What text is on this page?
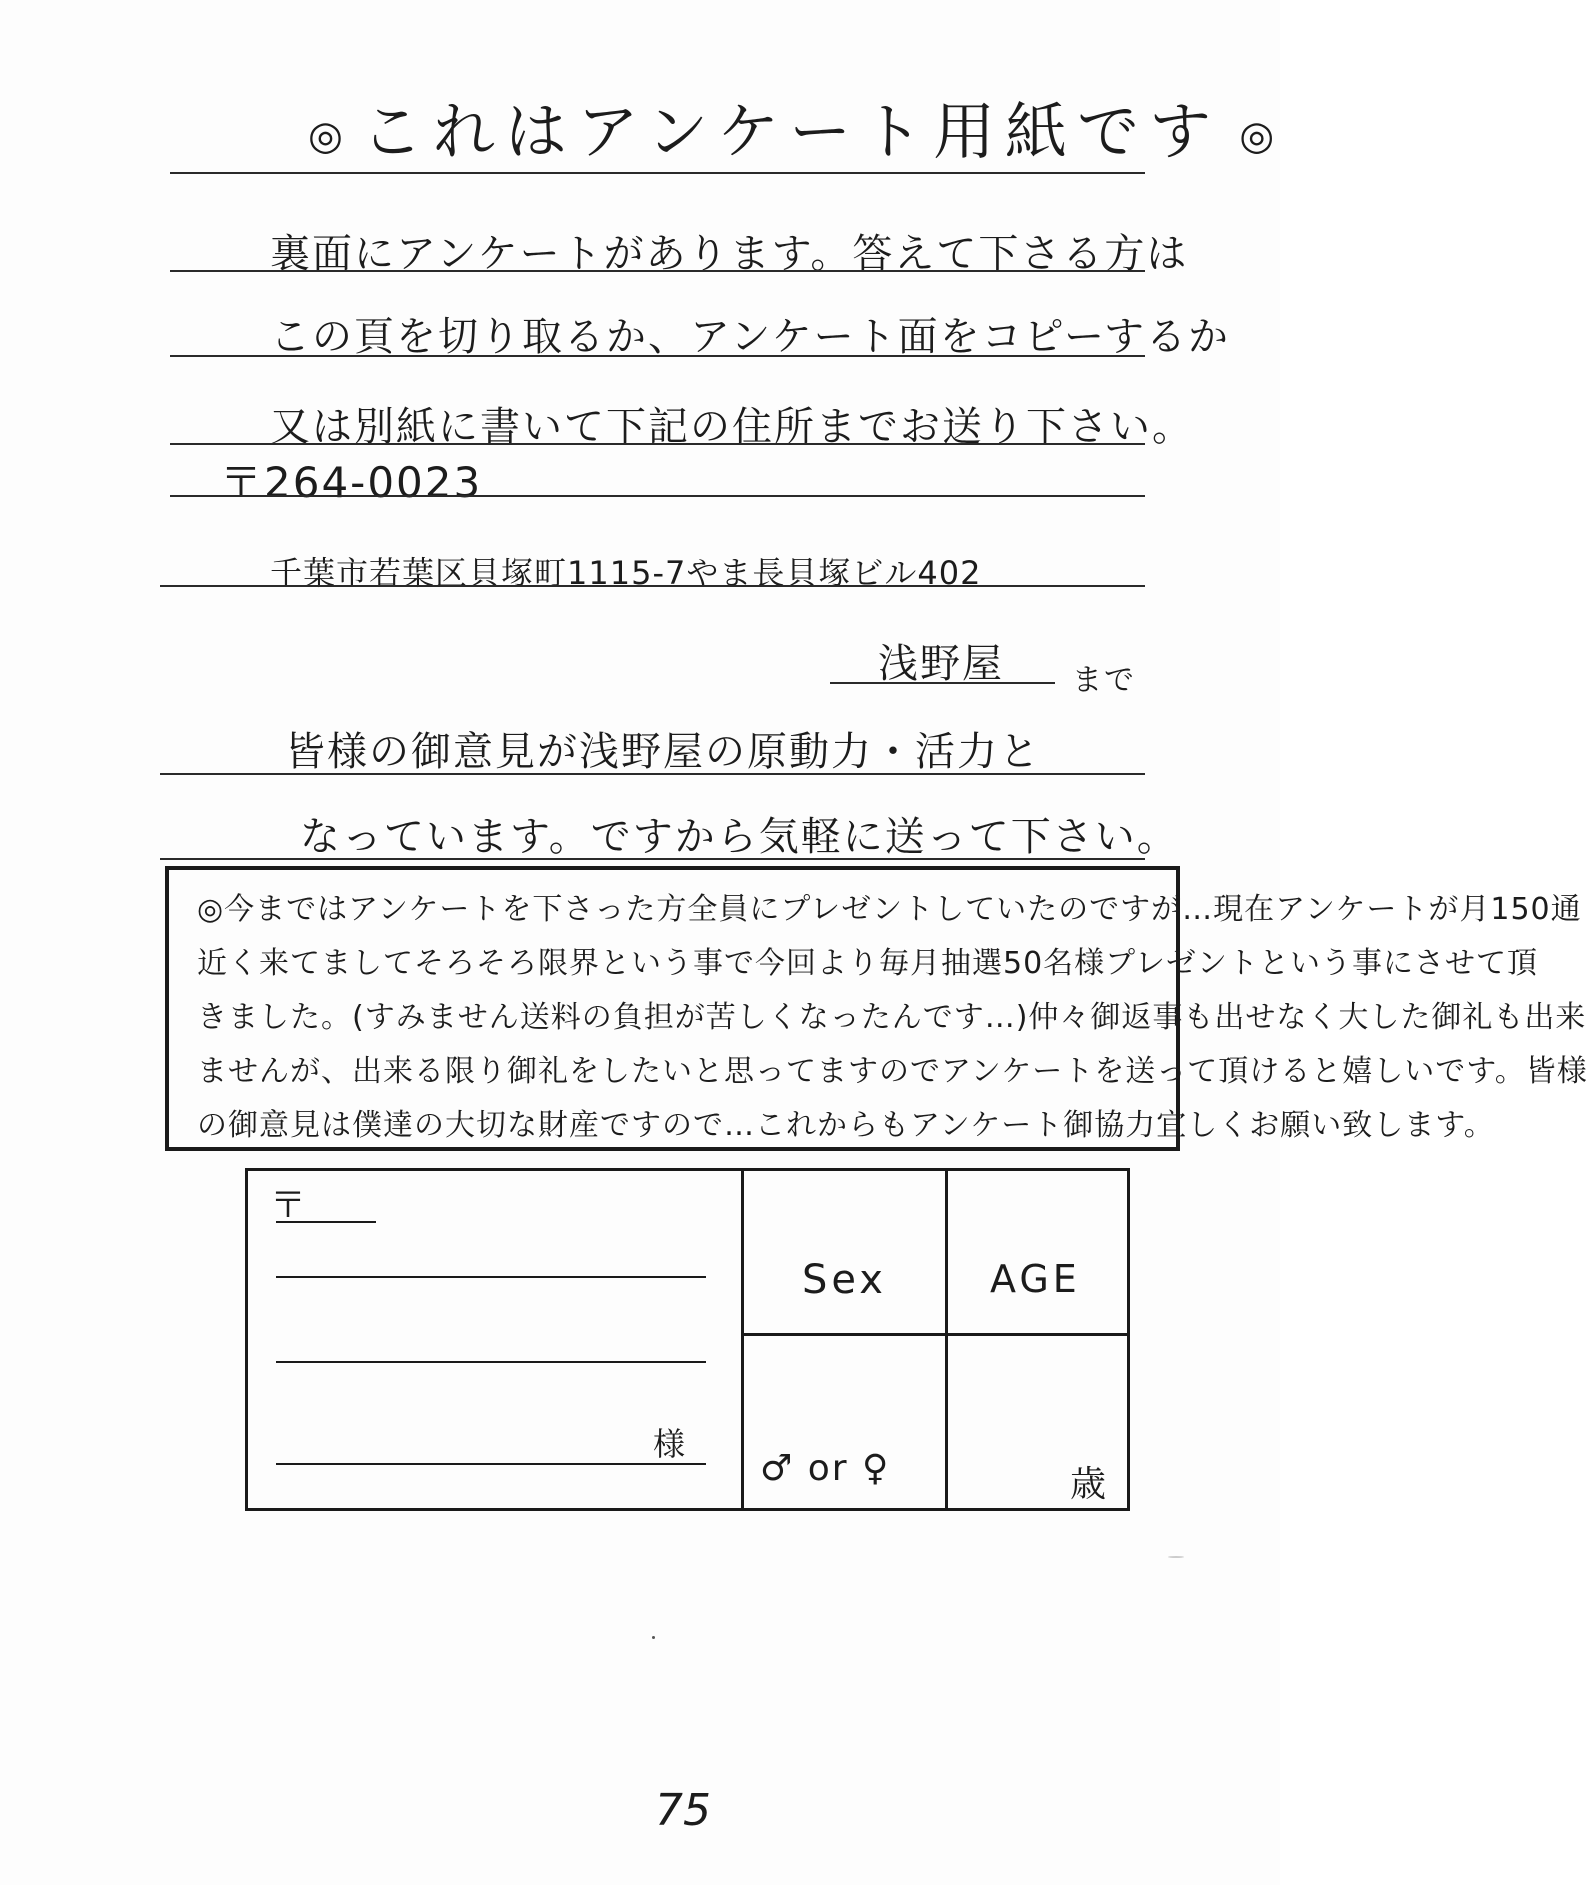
◎ これはアンケート用紙です ◎
裏面にアンケートがあります。答えて下さる方は
この頁を切り取るか、アンケート面をコピーするか
又は別紙に書いて下記の住所までお送り下さい。
〒264-0023
千葉市若葉区貝塚町1115-7やま長貝塚ビル402
浅野屋 まで
皆様の御意見が浅野屋の原動力・活力と
なっています。ですから気軽に送って下さい。
◎今まではアンケートを下さった方全員にプレゼントしていたのですが…現在アンケートが月150通
近く来てましてそろそろ限界という事で今回より毎月抽選50名様プレゼントという事にさせて頂
きました。(すみません送料の負担が苦しくなったんです…)仲々御返事も出せなく大した御礼も出来
ませんが、出来る限り御礼をしたいと思ってますのでアンケートを送って頂けると嬉しいです。皆様
の御意見は僕達の大切な財産ですので…これからもアンケート御協力宜しくお願い致します。
〒
様
Sex	AGE
♂ or ♀	歳
75
